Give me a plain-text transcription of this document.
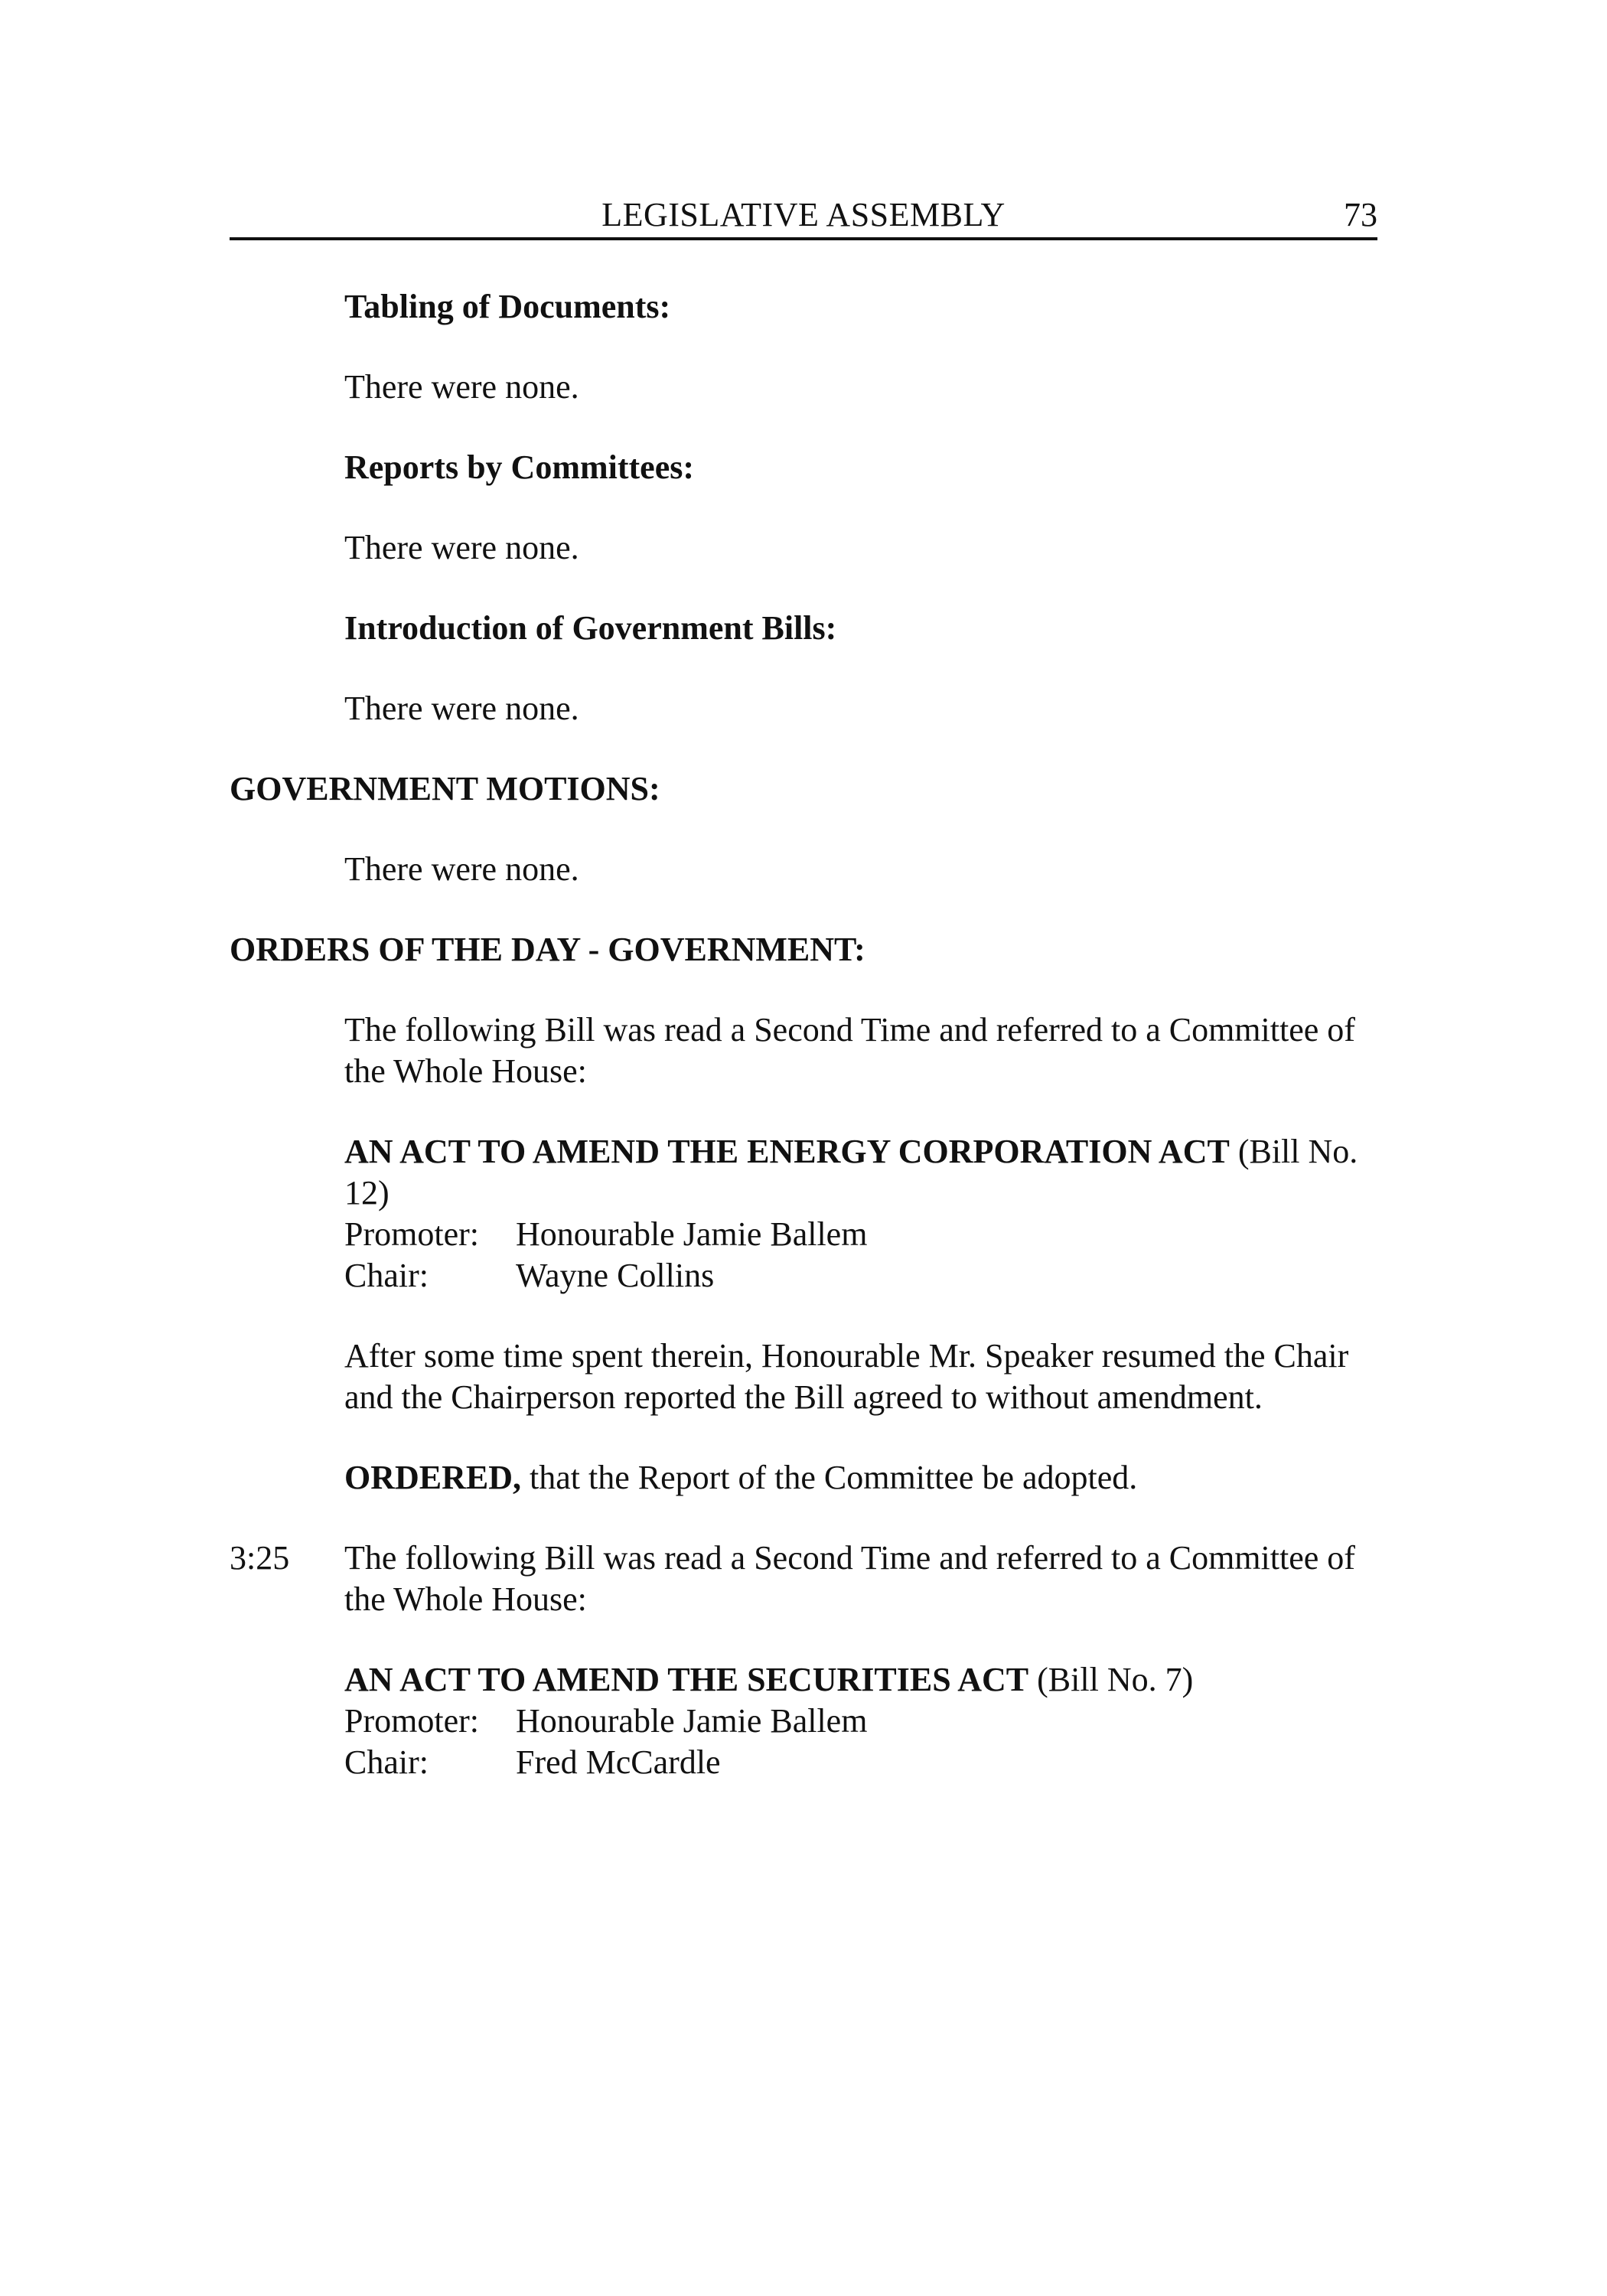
LEGISLATIVE ASSEMBLY	73
Tabling of Documents:
There were none.
Reports by Committees:
There were none.
Introduction of Government Bills:
There were none.
GOVERNMENT MOTIONS:
There were none.
ORDERS OF THE DAY - GOVERNMENT:
The following Bill was read a Second Time and referred to a Committee of
the Whole House:
AN ACT TO AMEND THE ENERGY CORPORATION ACT (Bill No.
12)
Promoter: Honourable Jamie Ballem
Chair:	Wayne Collins
After some time spent therein, Honourable Mr. Speaker resumed the Chair
and the Chairperson reported the Bill agreed to without amendment.
ORDERED, that the Report of the Committee be adopted.
3:25 The following Bill was read a Second Time and referred to a Committee of
the Whole House:
AN ACT TO AMEND THE SECURITIES ACT (Bill No. 7)
Promoter: Honourable Jamie Ballem
Chair:	Fred McCardle
